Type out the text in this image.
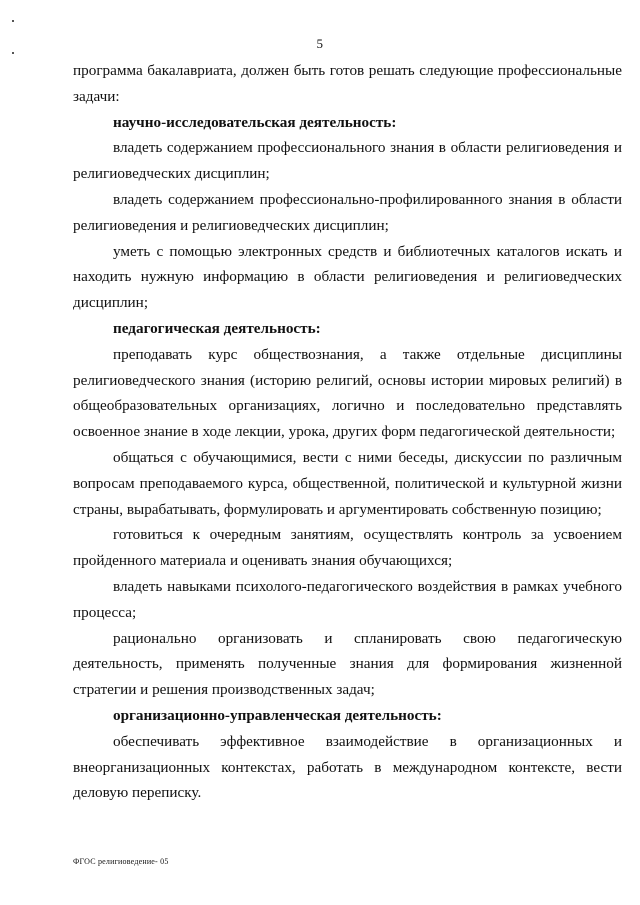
5

программа бакалавриата, должен быть готов решать следующие профессиональные задачи:

научно-исследовательская деятельность:

владеть содержанием профессионального знания в области религиоведения и религиоведческих дисциплин;

владеть содержанием профессионально-профилированного знания в области религиоведения и религиоведческих дисциплин;

уметь с помощью электронных средств и библиотечных каталогов искать и находить нужную информацию в области религиоведения и религиоведческих дисциплин;

педагогическая деятельность:

преподавать курс обществознания, а также отдельные дисциплины религиоведческого знания (историю религий, основы истории мировых религий) в общеобразовательных организациях, логично и последовательно представлять освоенное знание в ходе лекции, урока, других форм педагогической деятельности;

общаться с обучающимися, вести с ними беседы, дискуссии по различным вопросам преподаваемого курса, общественной, политической и культурной жизни страны, вырабатывать, формулировать и аргументировать собственную позицию;

готовиться к очередным занятиям, осуществлять контроль за усвоением пройденного материала и оценивать знания обучающихся;

владеть навыками психолого-педагогического воздействия в рамках учебного процесса;

рационально организовать и спланировать свою педагогическую деятельность, применять полученные знания для формирования жизненной стратегии и решения производственных задач;

организационно-управленческая деятельность:

обеспечивать эффективное взаимодействие в организационных и внеорганизационных контекстах, работать в международном контексте, вести деловую переписку.

ФГОС религиоведение- 05
